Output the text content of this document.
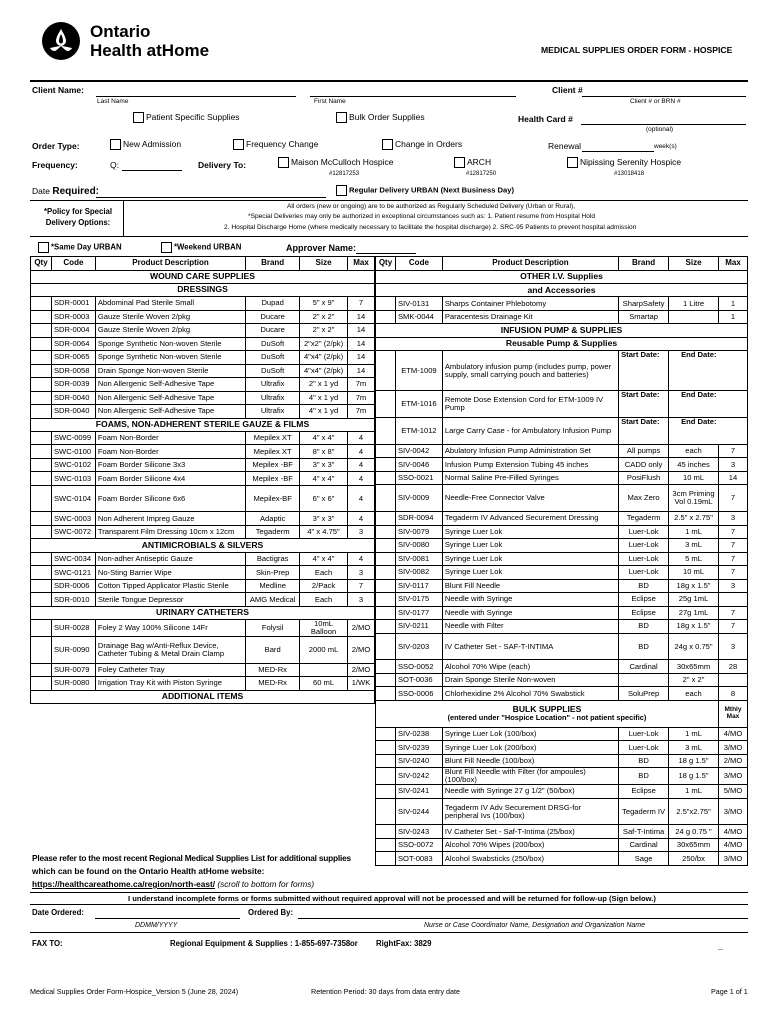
Ontario
Health atHome	MEDICAL SUPPLIES ORDER FORM - HOSPICE
Client Name:
Last Name	First Name
Client #
Client # or BRN #
Patient Specific Supplies	Bulk Order Supplies	Health Card #
(optional)
Order Type:	New Admission	Frequency Change	Change in Orders	Renewal	week(s)
Frequency:	Q:	Delivery To:	Maison McCulloch Hospice
#12817253
ARCH
#12817250
Nipissing Serenity Hospice
#13018418
Date Required:	Regular Delivery URBAN (Next Business Day)
*Policy for Special Delivery Options:
All orders (new or ongoing) are to be authorized as Regularly Scheduled Delivery (Urban or Rural),
*Special Deliveries may only be authorized in exceptional circumstances such as: 1. Patient resume from Hospital Hold
2. Hospital Discharge Home (where medically necessary to facilitate the hospital discharge) 2. SRC-95 Patients to prevent hospital admission
*Same Day URBAN	*Weekend URBAN	Approver Name:
Qty	Code	Product Description	Brand	Size	Max
WOUND CARE SUPPLIES					
DRESSINGS					
	SDR-0001	Abdominal Pad Sterile Small	Dupad	5" x 9"	7
	SDR-0003	Gauze Sterile Woven 2/pkg	Ducare	2" x 2"	14
	SDR-0004	Gauze Sterile Woven 2/pkg	Ducare	2" x 2"	14
	SDR-0064	Sponge Synthetic Non-woven Sterile	DuSoft	2"x2" (2/pk)	14
	SDR-0065	Sponge Synthetic Non-woven Sterile	DuSoft	4"x4" (2/pk)	14
	SDR-0058	Drain Sponge Non-woven Sterile	DuSoft	4"x4" (2/pk)	14
	SDR-0039	Non Allergenic Self-Adhesive Tape	Ultrafix	2" x 1 yd	7m
	SDR-0040	Non Allergenic Self-Adhesive Tape	Ultrafix	4" x 1 yd	7m
	SDR-0040	Non Allergenic Self-Adhesive Tape	Ultrafix	4" x 1 yd	7m
FOAMS, NON-ADHERENT STERILE GAUZE & FILMS					
	SWC-0099	Foam Non-Border	Mepilex XT	4" x 4"	4
	SWC-0100	Foam Non-Border	Mepilex XT	8" x 8"	4
	SWC-0102	Foam Border Silicone 3x3	Mepilex -BF	3" x 3"	4
	SWC-0103	Foam Border Silicone 4x4	Mepilex -BF	4" x 4"	4
	SWC-0104	Foam Border Silicone 6x6	Mepilex-BF	6" x 6"	4
	SWC-0003	Non Adherent Impreg Gauze	Adaptic	3" x 3"	4
	SWC-0072	Transparent Film Dressing 10cm x 12cm	Tegaderm	4" x 4.75"	3
ANTIMICROBIALS & SILVERS					
	SWC-0034	Non-adher Antiseptic Gauze	Bactigras	4" x 4"	4
	SWC-0121	No-Sting Barrier Wipe	Skin-Prep	Each	3
	SDR-0006	Cotton Tipped Applicator Plastic Sterile	Medline	2/Pack	7
	SDR-0010	Sterile Tongue Depressor	AMG Medical	Each	3
URINARY CATHETERS					
	SUR-0028	Foley 2 Way 100% Silicone 14Fr	Folysil	10mL Balloon	2/MO
	SUR-0090	Drainage Bag w/Anti-Reflux Device, Catheter Tubing & Metal Drain Clamp	Bard	2000 mL	2/MO
	SUR-0079	Foley Catheter Tray	MED-Rx		2/MO
	SUR-0080	Irrigation Tray Kit with Piston Syringe	MED-Rx	60 mL	1/WK
ADDITIONAL ITEMS					
Qty	Code	Product Description	Brand	Size	Max
OTHER I.V. Supplies					
and Accessories					
	SIV-0131	Sharps Container Phlebotomy	SharpSafety	1 Litre	1
	SMK-0044	Paracentesis Drainage Kit	Smartap		1
INFUSION PUMP & SUPPLIES					
Reusable Pump & Supplies					
	ETM-1009	Ambulatory infusion pump (includes pump, power supply, small carrying pouch and batteries)	Start Date:	End Date:	
	ETM-1016	Remote Dose Extension Cord for ETM-1009 IV Pump	Start Date:	End Date:	
	ETM-1012	Large Carry Case - for Ambulatory Infusion Pump	Start Date:	End Date:	
	SIV-0042	Abulatory Infusion Pump Administration Set	All pumps	each	7
	SIV-0046	Infusion Pump Extension Tubing 45 inches	CADD only	45 inches	3
	SSO-0021	Normal Saline Pre-Filled Syringes	PosiFlush	10 mL	14
	SIV-0009	Needle-Free Connector Valve	Max Zero	3cm Priming Vol 0.19mL	7
	SDR-0094	Tegaderm IV Advanced Securement Dressing	Tegaderm	2.5" x 2.75"	3
	SIV-0079	Syringe Luer Lok	Luer-Lok	1 mL	7
	SIV-0080	Syringe Luer Lok	Luer-Lok	3 mL	7
	SIV-0081	Syringe Luer Lok	Luer-Lok	5 mL	7
	SIV-0082	Syringe Luer Lok	Luer-Lok	10 mL	7
	SIV-0117	Blunt Fill Needle	BD	18g x 1.5"	3
	SIV-0175	Needle with Syringe	Eclipse	25g 1mL	
	SIV-0177	Needle with Syringe	Eclipse	27g 1mL	7
	SIV-0211	Needle with Filter	BD	18g x 1.5"	7
	SIV-0203	IV Catheter Set - SAF-T-INTIMA	BD	24g x 0.75"	3
	SSO-0052	Alcohol 70% Wipe (each)	Cardinal	30x65mm	28
	SOT-0036	Drain Sponge Sterile Non-woven		2" x 2"	
	SSO-0006	Chlorhexidine 2% Alcohol 70% Swabstick	SoluPrep	each	8

BULK SUPPLIES
(entered under "Hospice Location" - not patient specific)					Mthly Max
	SIV-0238	Syringe Luer Lok (100/box)	Luer-Lok	1 mL	4/MO
	SIV-0239	Syringe Luer Lok (200/box)	Luer-Lok	3 mL	3/MO
	SIV-0240	Blunt Fill Needle (100/box)	BD	18 g 1.5"	2/MO
	SIV-0242	Blunt Fill Needle with Filter (for ampoules) (100/box)	BD	18 g 1.5"	3/MO
	SIV-0241	Needle with Syringe 27 g 1/2" (50/box)	Eclipse	1 mL	5/MO
	SIV-0244	Tegaderm IV Adv Securement DRSG-for peripheral Ivs (100/box)	Tegaderm IV	2.5"x2.75"	3/MO
	SIV-0243	IV Catheter Set - Saf-T-Intima (25/box)	Saf-T-Intima	24 g 0.75 "	4/MO
	SSO-0072	Alcohol 70% Wipes (200/box)	Cardinal	30x65mm	4/MO
	SOT-0083	Alcohol Swabsticks (250/box)	Sage	250/bx	3/MO
Please refer to the most recent Regional Medical Supplies List for additional supplies
which can be found on the Ontario Health atHome website:
https://healthcareathome.ca/region/north-east/ (scroll to bottom for forms)
I understand incomplete forms or forms submitted without required approval will not be processed and will be returned for follow-up (Sign below.)
Date Ordered:	Ordered By:
DDMM/YYYY	Nurse or Case Coordinator Name, Designation and Organization Name
FAX TO:	Regional Equipment & Supplies : 1-855-697-7358 or RightFax: 3829	_
Medical Supplies Order Form-Hospice_Version 5 (June 28, 2024)	Retention Period: 30 days from data entry date	Page 1 of 1
